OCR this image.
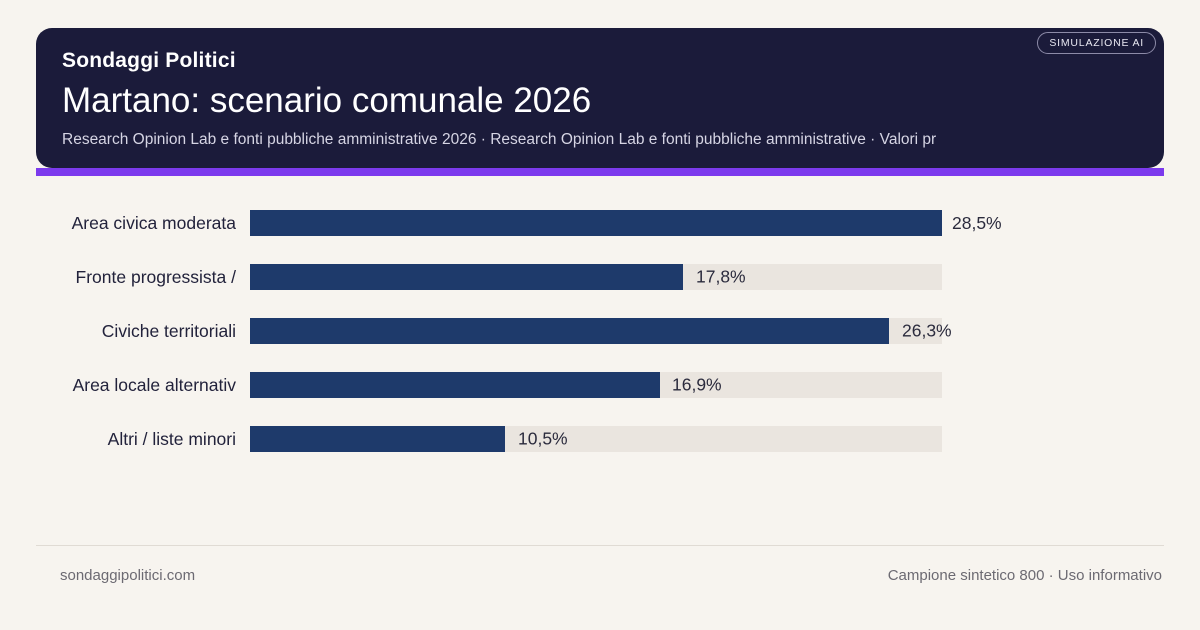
SIMULAZIONE AI
Sondaggi Politici
Martano: scenario comunale 2026
Research Opinion Lab e fonti pubbliche amministrative 2026 · Research Opinion Lab e fonti pubbliche amministrative · Valori pr
Area civica moderata	28,5%
Fronte progressista /	17,8%
Civiche territoriali	26,3%
Area locale alternativ	16,9%
Altri / liste minori	10,5%
sondaggipolitici.com	Campione sintetico 800 · Uso informativo
